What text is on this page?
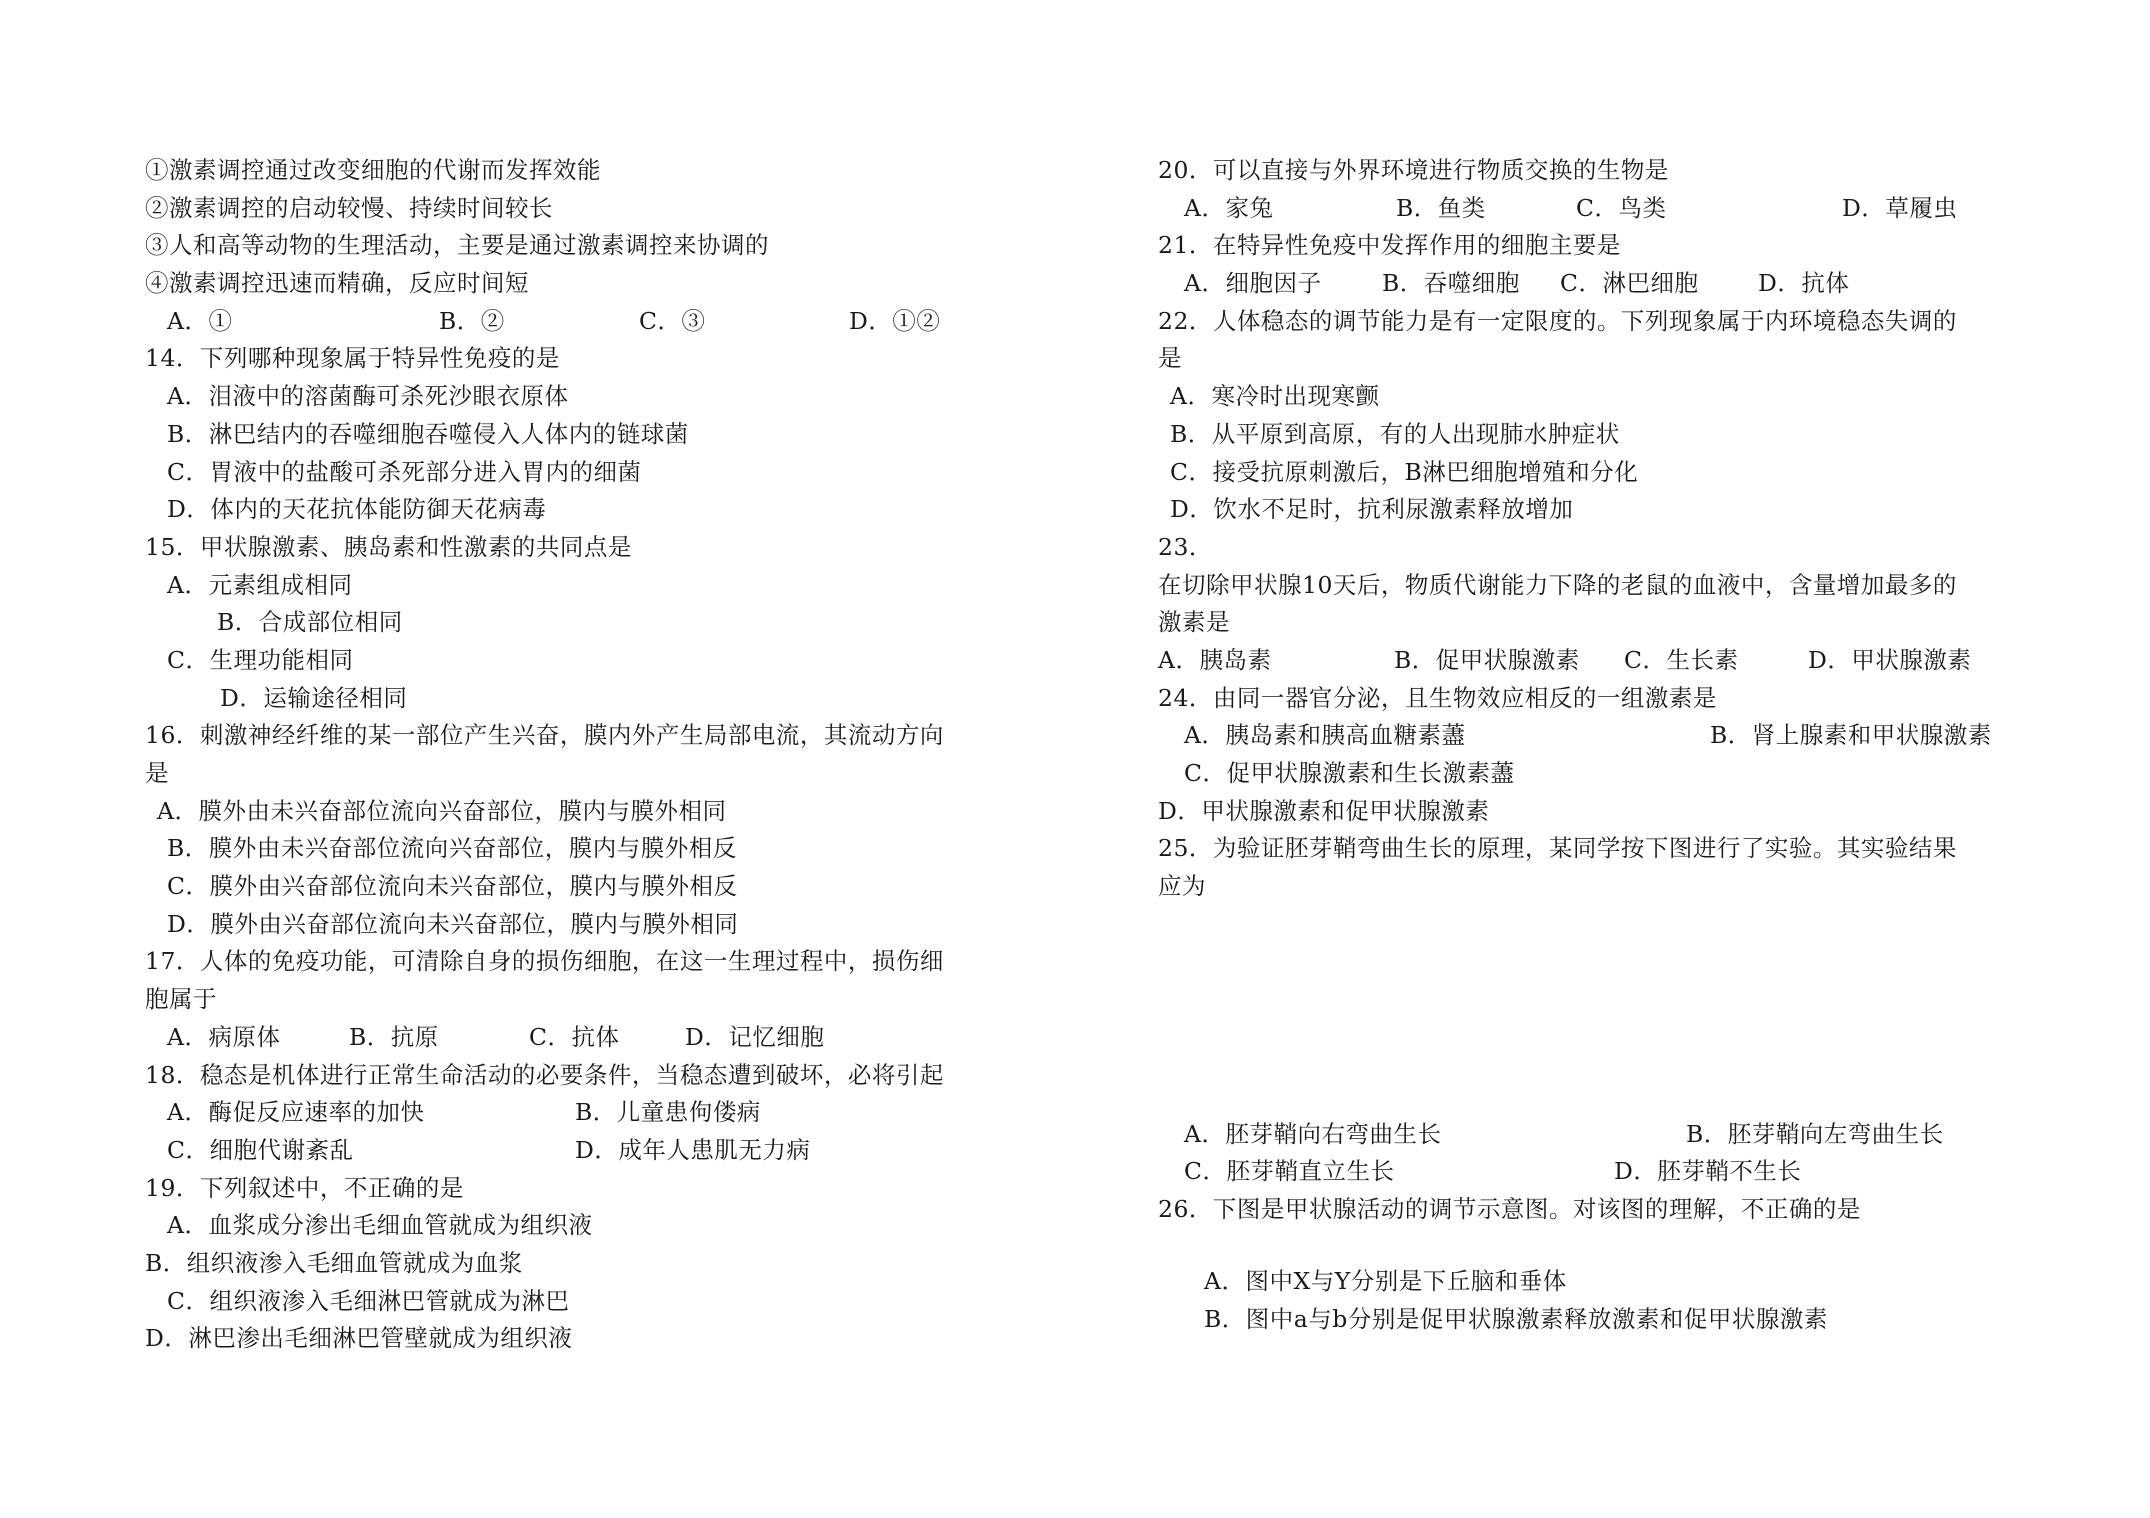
①激素调控通过改变细胞的代谢而发挥效能
②激素调控的启动较慢、持续时间较长
③人和高等动物的生理活动，主要是通过激素调控来协调的
④激素调控迅速而精确，反应时间短
A．①	B．②	C．③	D．①②
14．下列哪种现象属于特异性免疫的是
A．泪液中的溶菌酶可杀死沙眼衣原体
B．淋巴结内的吞噬细胞吞噬侵入人体内的链球菌
C．胃液中的盐酸可杀死部分进入胃内的细菌
D．体内的天花抗体能防御天花病毒
15．甲状腺激素、胰岛素和性激素的共同点是
A．元素组成相同
B．合成部位相同
C．生理功能相同
D．运输途径相同
16．刺激神经纤维的某一部位产生兴奋，膜内外产生局部电流，其流动方向
是
A．膜外由未兴奋部位流向兴奋部位，膜内与膜外相同
B．膜外由未兴奋部位流向兴奋部位，膜内与膜外相反
C．膜外由兴奋部位流向未兴奋部位，膜内与膜外相反
D．膜外由兴奋部位流向未兴奋部位，膜内与膜外相同
17．人体的免疫功能，可清除自身的损伤细胞，在这一生理过程中，损伤细
胞属于
A．病原体	B．抗原	C．抗体	D．记忆细胞
18．稳态是机体进行正常生命活动的必要条件，当稳态遭到破坏，必将引起
A．酶促反应速率的加快	B．儿童患佝偻病
C．细胞代谢紊乱	D．成年人患肌无力病
19．下列叙述中，不正确的是
A．血浆成分渗出毛细血管就成为组织液
B．组织液渗入毛细血管就成为血浆
C．组织液渗入毛细淋巴管就成为淋巴
D．淋巴渗出毛细淋巴管壁就成为组织液
20．可以直接与外界环境进行物质交换的生物是
A．家兔	B．鱼类	C．鸟类	D．草履虫
21．在特异性免疫中发挥作用的细胞主要是
A．细胞因子	B．吞噬细胞	C．淋巴细胞	D．抗体
22．人体稳态的调节能力是有一定限度的。下列现象属于内环境稳态失调的
是
A．寒冷时出现寒颤
B．从平原到高原，有的人出现肺水肿症状
C．接受抗原刺激后，B淋巴细胞增殖和分化
D．饮水不足时，抗利尿激素释放增加
23．
在切除甲状腺10天后，物质代谢能力下降的老鼠的血液中，含量增加最多的
激素是
A．胰岛素	B．促甲状腺激素	C．生长素	D．甲状腺激素
24．由同一器官分泌，且生物效应相反的一组激素是
A．胰岛素和胰高血糖素藎	B．肾上腺素和甲状腺激素
C．促甲状腺激素和生长激素藎
D．甲状腺激素和促甲状腺激素
25．为验证胚芽鞘弯曲生长的原理，某同学按下图进行了实验。其实验结果
应为
A．胚芽鞘向右弯曲生长	B．胚芽鞘向左弯曲生长
C．胚芽鞘直立生长	D．胚芽鞘不生长
26．下图是甲状腺活动的调节示意图。对该图的理解，不正确的是
A．图中X与Y分别是下丘脑和垂体
B．图中a与b分别是促甲状腺激素释放激素和促甲状腺激素
